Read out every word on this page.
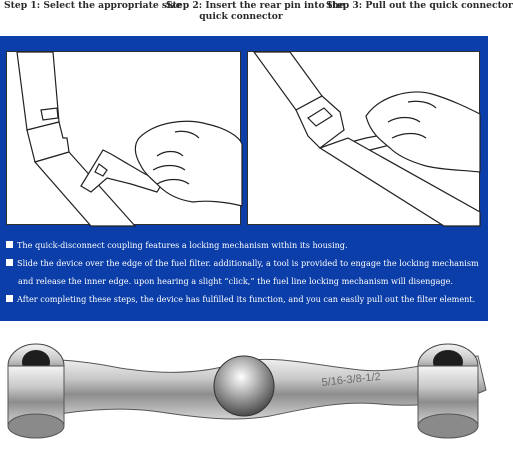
Step 1: Select the appropriate size
Step 2: Insert the rear pin into the
quick connector
Step 3: Pull out the quick connector
The quick-disconnect coupling features a locking mechanism within its housing.
Slide the device over the edge of the fuel filter. additionally, a tool is provided to engage the locking mechanism
and release the inner edge. upon hearing a slight “click,” the fuel line locking mechanism will disengage.
After completing these steps, the device has fulfilled its function, and you can easily pull out the filter element.
5/16-3/8-1/2
